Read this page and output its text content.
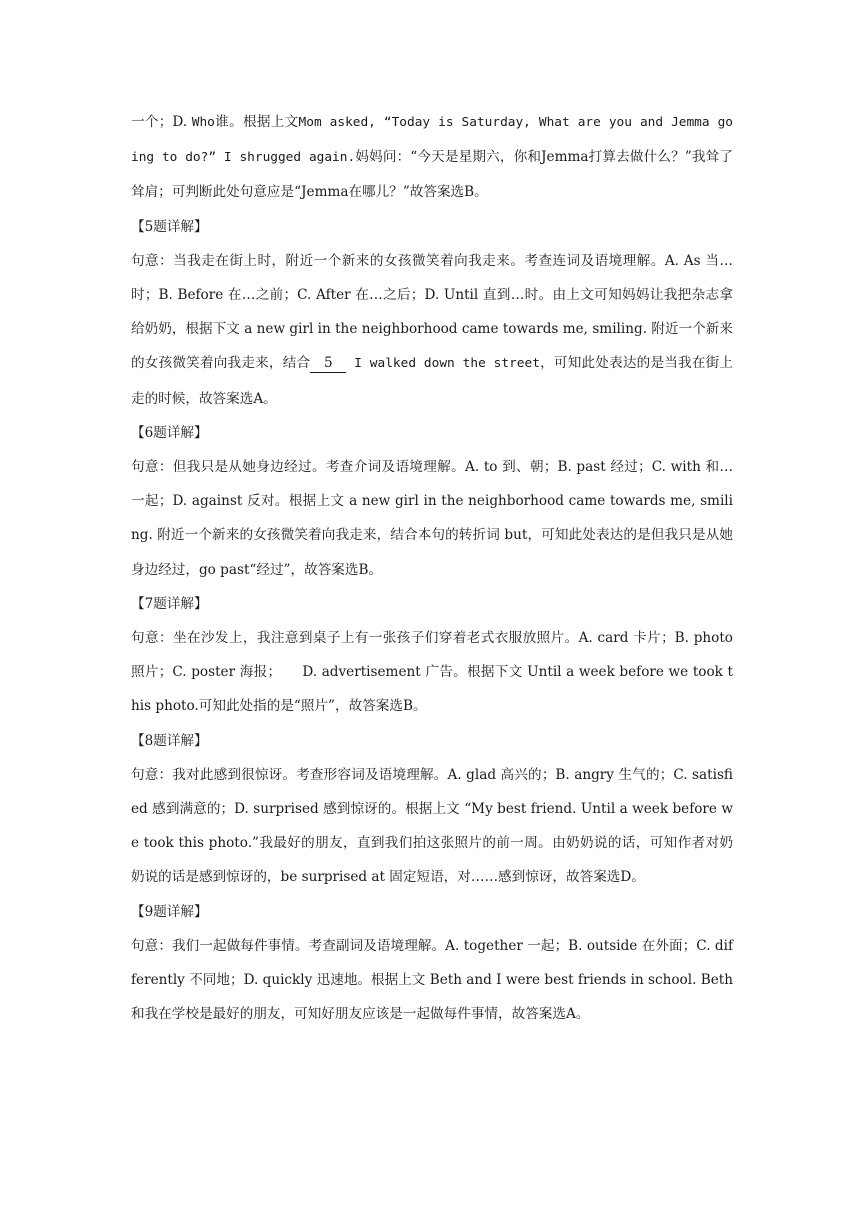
一个；D. Who谁。根据上文Mom asked, “Today is Saturday, What are you and Jemma going to do?” I shrugged again.妈妈问：“今天是星期六，你和Jemma打算去做什么？”我耸了耸肩；可判断此处句意应是“Jemma在哪儿？”故答案选B。

【5题详解】

句意：当我走在街上时，附近一个新来的女孩微笑着向我走来。考查连词及语境理解。A. As 当…时；B. Before 在…之前；C. After 在…之后；D. Until 直到…时。由上文可知妈妈让我把杂志拿给奶奶，根据下文 a new girl in the neighborhood came towards me, smiling. 附近一个新来的女孩微笑着向我走来，结合 5 I walked down the street，可知此处表达的是当我在街上走的时候，故答案选A。

【6题详解】

句意：但我只是从她身边经过。考查介词及语境理解。A. to 到、朝；B. past 经过；C. with 和…一起；D. against 反对。根据上文 a new girl in the neighborhood came towards me, smiling. 附近一个新来的女孩微笑着向我走来，结合本句的转折词 but，可知此处表达的是但我只是从她身边经过，go past“经过”，故答案选B。

【7题详解】

句意：坐在沙发上，我注意到桌子上有一张孩子们穿着老式衣服放照片。A. card 卡片；B. photo 照片；C. poster 海报；　　D. advertisement 广告。根据下文 Until a week before we took this photo.可知此处指的是“照片”，故答案选B。

【8题详解】

句意：我对此感到很惊讶。考查形容词及语境理解。A. glad 高兴的；B. angry 生气的；C. satisfied 感到满意的；D. surprised 感到惊讶的。根据上文 “My best friend. Until a week before we took this photo.”我最好的朋友，直到我们拍这张照片的前一周。由奶奶说的话，可知作者对奶奶说的话是感到惊讶的，be surprised at 固定短语，对……感到惊讶，故答案选D。

【9题详解】

句意：我们一起做每件事情。考查副词及语境理解。A. together 一起；B. outside 在外面；C. differently 不同地；D. quickly 迅速地。根据上文 Beth and I were best friends in school. Beth 和我在学校是最好的朋友，可知好朋友应该是一起做每件事情，故答案选A。
